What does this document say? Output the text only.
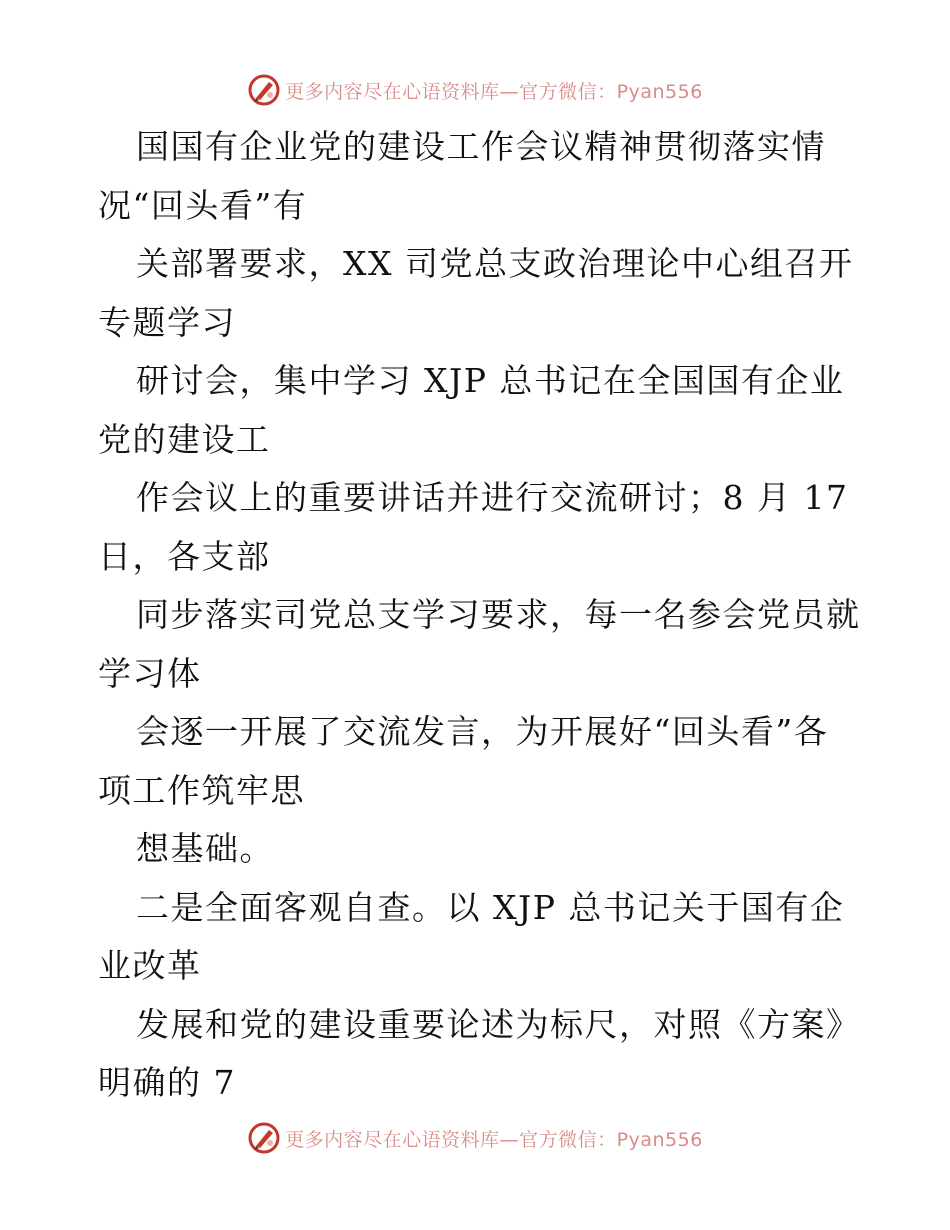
更多内容尽在心语资料库—官方微信：Pyan556
国国有企业党的建设工作会议精神贯彻落实情
况“回头看”有
关部署要求，XX 司党总支政治理论中心组召开
专题学习
研讨会，集中学习 XJP 总书记在全国国有企业
党的建设工
作会议上的重要讲话并进行交流研讨；8 月 17
日，各支部
同步落实司党总支学习要求，每一名参会党员就
学习体
会逐一开展了交流发言，为开展好“回头看”各
项工作筑牢思
想基础。
二是全面客观自查。以 XJP 总书记关于国有企
业改革
发展和党的建设重要论述为标尺，对照《方案》
明确的 7
更多内容尽在心语资料库—官方微信：Pyan556
